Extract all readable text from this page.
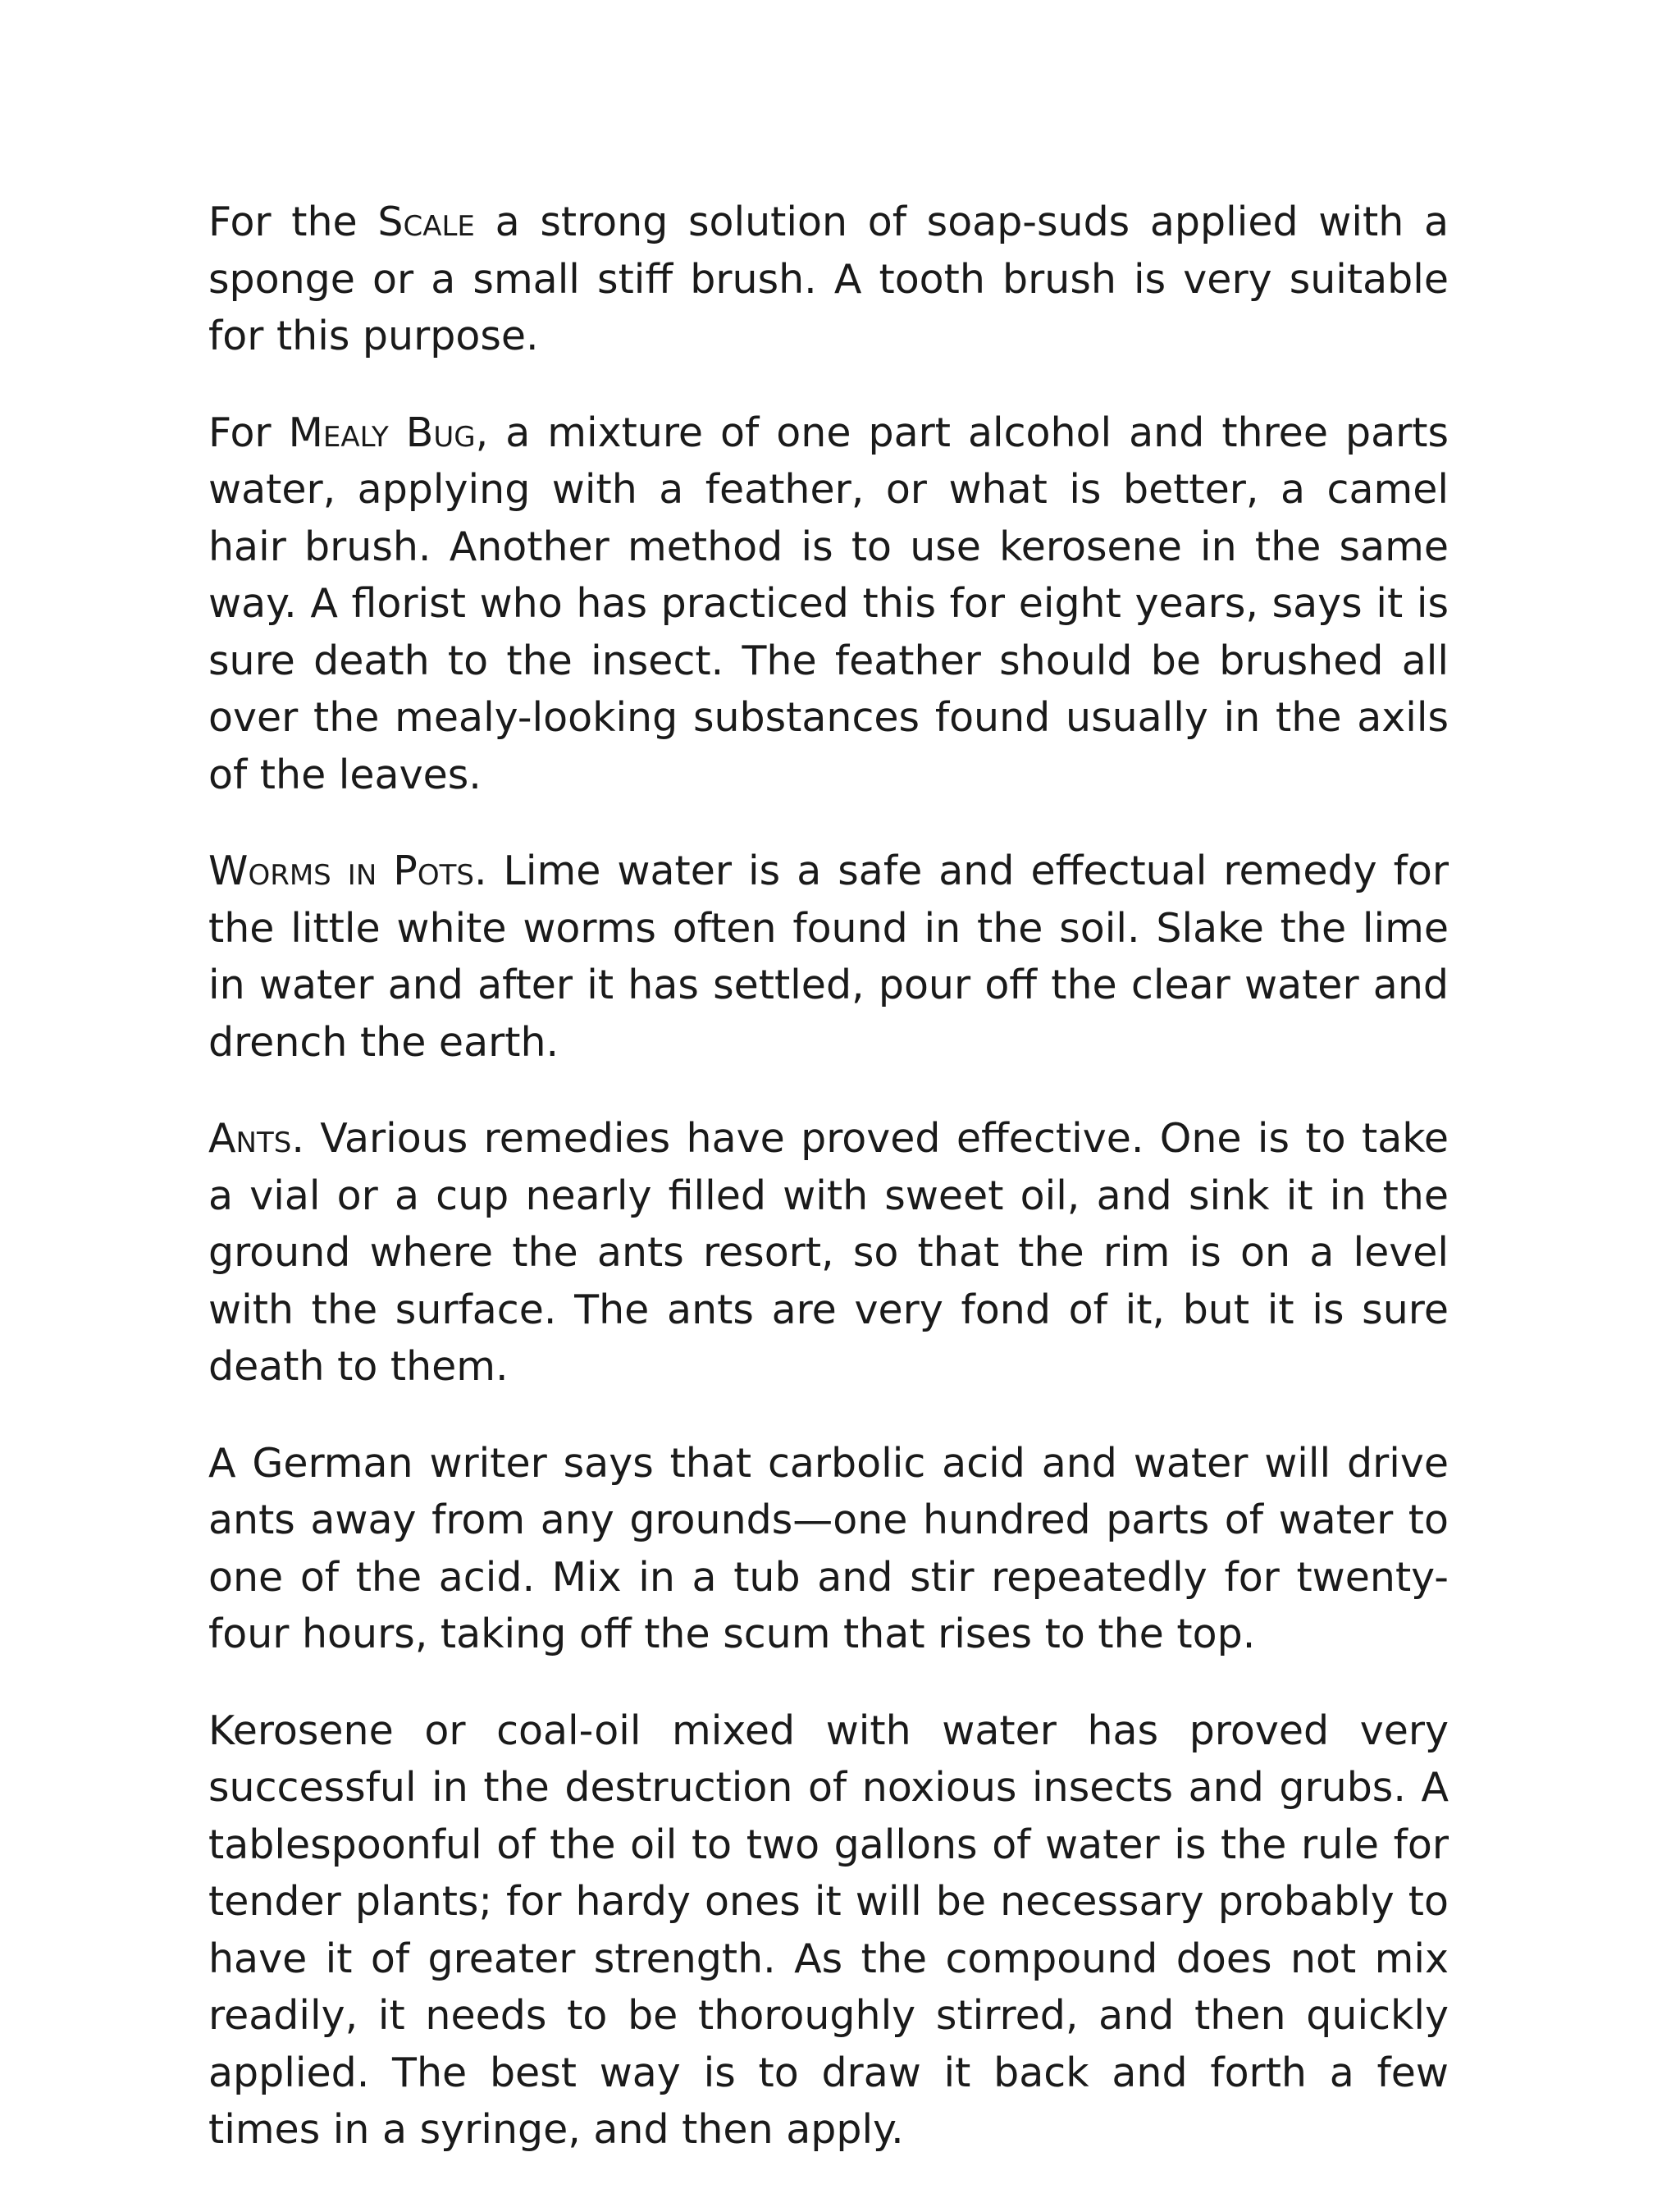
For the Scale a strong solution of soap-suds applied with a sponge or a small stiff brush. A tooth brush is very suitable for this purpose.

For Mealy Bug, a mixture of one part alcohol and three parts water, applying with a feather, or what is better, a camel hair brush. Another method is to use kerosene in the same way. A florist who has practiced this for eight years, says it is sure death to the insect. The feather should be brushed all over the mealy-looking substances found usually in the axils of the leaves.

Worms in Pots. Lime water is a safe and effectual remedy for the little white worms often found in the soil. Slake the lime in water and after it has settled, pour off the clear water and drench the earth.

Ants. Various remedies have proved effective. One is to take a vial or a cup nearly filled with sweet oil, and sink it in the ground where the ants resort, so that the rim is on a level with the surface. The ants are very fond of it, but it is sure death to them.

A German writer says that carbolic acid and water will drive ants away from any grounds—one hundred parts of water to one of the acid. Mix in a tub and stir repeatedly for twenty-four hours, taking off the scum that rises to the top.

Kerosene or coal-oil mixed with water has proved very successful in the destruction of noxious insects and grubs. A tablespoonful of the oil to two gallons of water is the rule for tender plants; for hardy ones it will be necessary probably to have it of greater strength. As the compound does not mix readily, it needs to be thoroughly stirred, and then quickly applied. The best way is to draw it back and forth a few times in a syringe, and then apply.
